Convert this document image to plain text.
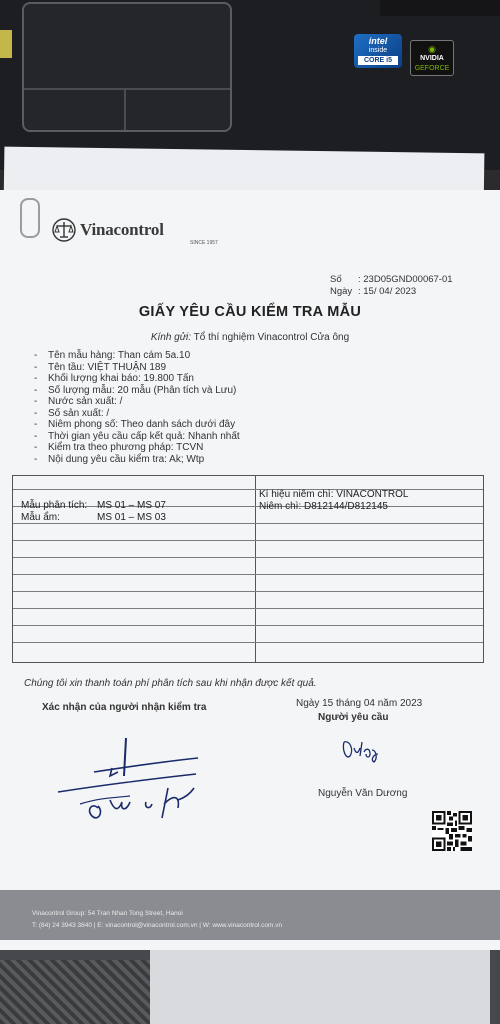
intel
inside
CORE i5
◉
NVIDIA
GEFORCE
Vinacontrol
SINCE 1957
Số : 23D05GND00067-01
Ngày : 15/ 04/ 2023
GIẤY YÊU CẦU KIỂM TRA MẪU
Kính gửi: Tổ thí nghiệm Vinacontrol Cửa ông
- Tên mẫu hàng: Than cám 5a.10
- Tên tầu: VIỆT THUẬN 189
- Khối lượng khai báo: 19.800 Tấn
- Số lượng mẫu: 20 mẫu (Phân tích và Lưu)
- Nước sản xuất: /
- Số sản xuất: /
- Niêm phong số: Theo danh sách dưới đây
- Thời gian yêu cầu cấp kết quả: Nhanh nhất
- Kiểm tra theo phương pháp: TCVN
- Nội dung yêu cầu kiểm tra: Ak; Wtp
Mẫu phân tích: MS 01 – MS 07
Mẫu ẩm:	MS 01 – MS 03
Kí hiệu niêm chì: VINACONTROL
Niêm chì: D812144/D812145
Chúng tôi xin thanh toán phí phân tích sau khi nhận được kết quả.
Xác nhận của người nhận kiểm tra	Ngày 15 tháng 04 năm 2023
Người yêu cầu
Nguyễn Văn Dương
Vinacontrol Group: 54 Tran Nhan Tong Street, Hanoi
T: (84) 24 3943 3840 | E: vinacontrol@vinacontrol.com.vn | W: www.vinacontrol.com.vn
